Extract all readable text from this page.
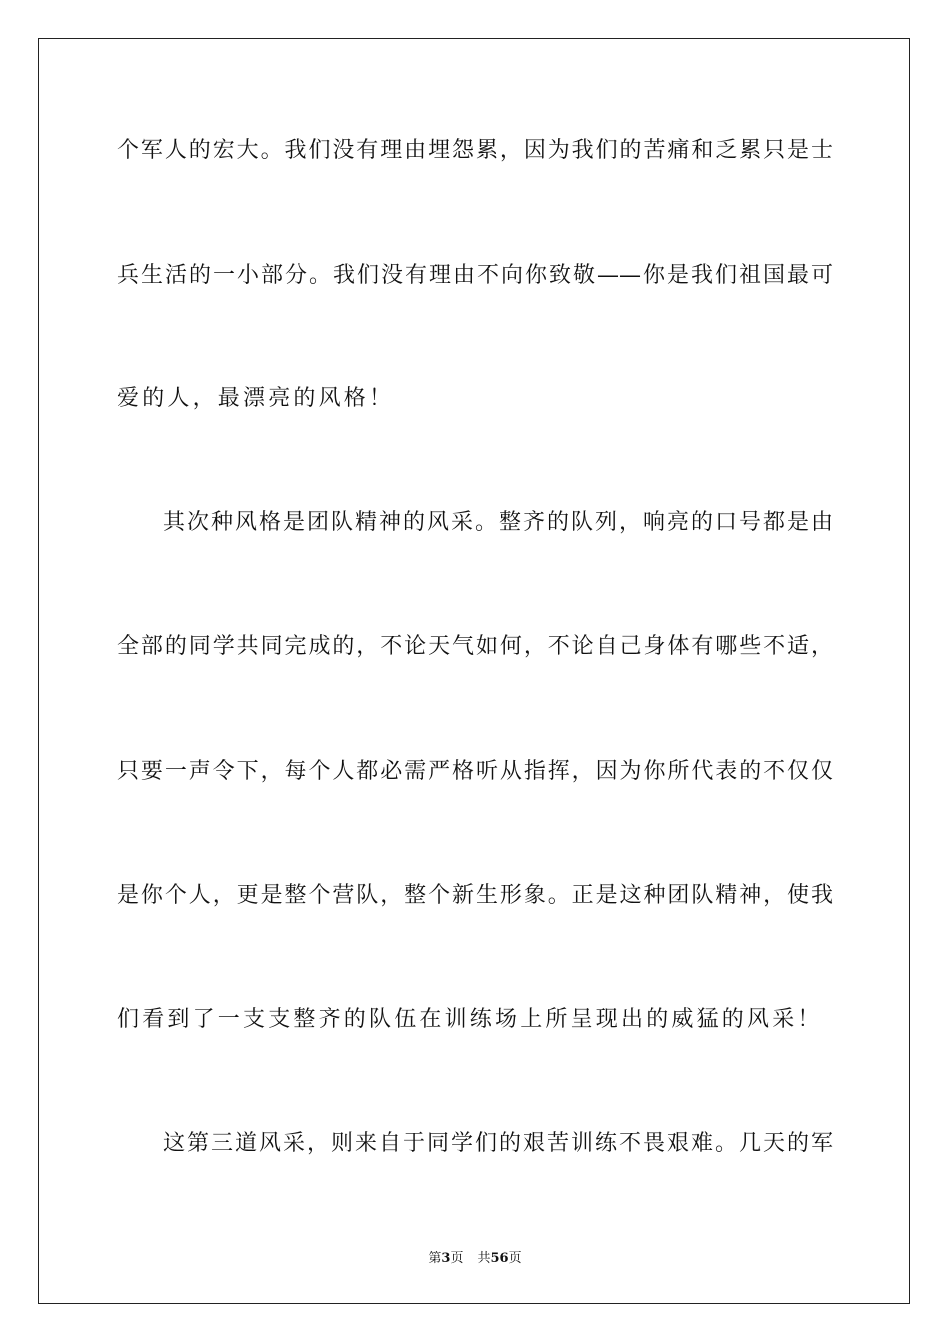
个军人的宏大。我们没有理由埋怨累，因为我们的苦痛和乏累只是士
兵生活的一小部分。我们没有理由不向你致敬——你是我们祖国最可
爱的人，最漂亮的风格！
其次种风格是团队精神的风采。整齐的队列，响亮的口号都是由
全部的同学共同完成的，不论天气如何，不论自己身体有哪些不适，
只要一声令下，每个人都必需严格听从指挥，因为你所代表的不仅仅
是你个人，更是整个营队，整个新生形象。正是这种团队精神，使我
们看到了一支支整齐的队伍在训练场上所呈现出的威猛的风采！
这第三道风采，则来自于同学们的艰苦训练不畏艰难。几天的军
第3页 共56页
